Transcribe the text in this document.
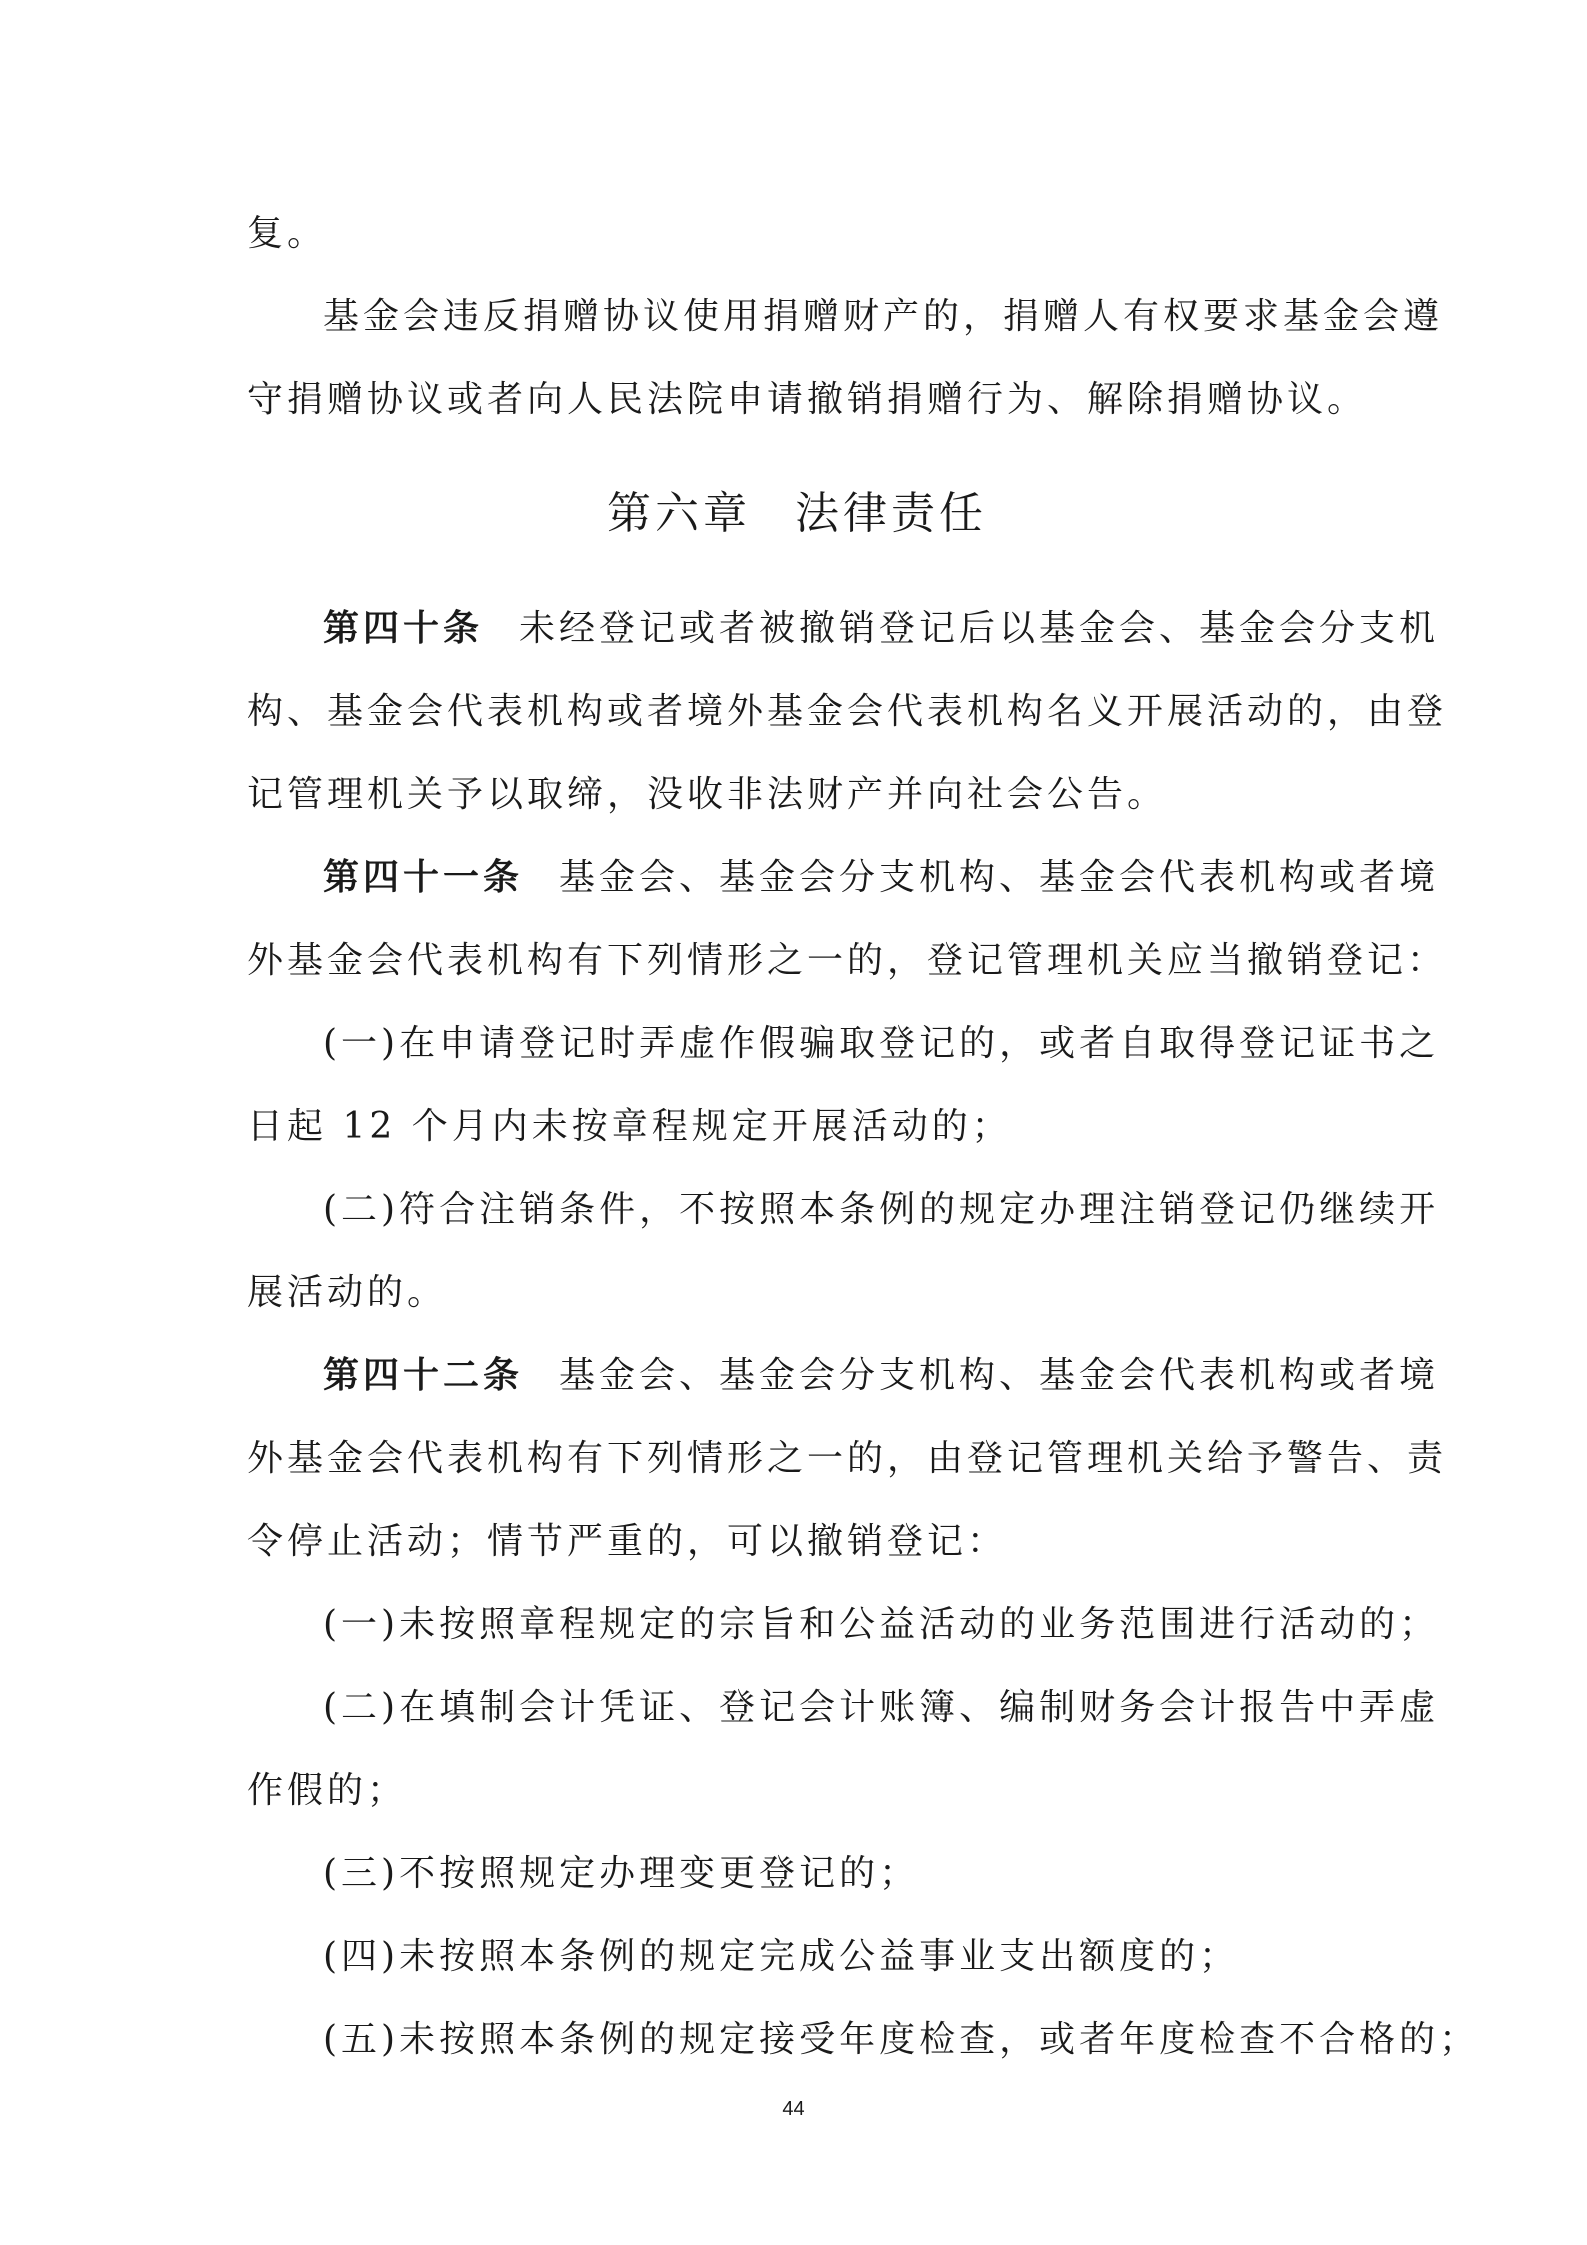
复。

基金会违反捐赠协议使用捐赠财产的，捐赠人有权要求基金会遵

守捐赠协议或者向人民法院申请撤销捐赠行为、解除捐赠协议。

第六章 法律责任

第四十条 未经登记或者被撤销登记后以基金会、基金会分支机

构、基金会代表机构或者境外基金会代表机构名义开展活动的，由登

记管理机关予以取缔，没收非法财产并向社会公告。

第四十一条 基金会、基金会分支机构、基金会代表机构或者境

外基金会代表机构有下列情形之一的，登记管理机关应当撤销登记：

(一)在申请登记时弄虚作假骗取登记的，或者自取得登记证书之

日起 12 个月内未按章程规定开展活动的；

(二)符合注销条件，不按照本条例的规定办理注销登记仍继续开

展活动的。

第四十二条 基金会、基金会分支机构、基金会代表机构或者境

外基金会代表机构有下列情形之一的，由登记管理机关给予警告、责

令停止活动；情节严重的，可以撤销登记：

(一)未按照章程规定的宗旨和公益活动的业务范围进行活动的；

(二)在填制会计凭证、登记会计账簿、编制财务会计报告中弄虚

作假的；

(三)不按照规定办理变更登记的；

(四)未按照本条例的规定完成公益事业支出额度的；

(五)未按照本条例的规定接受年度检查，或者年度检查不合格的；

44
